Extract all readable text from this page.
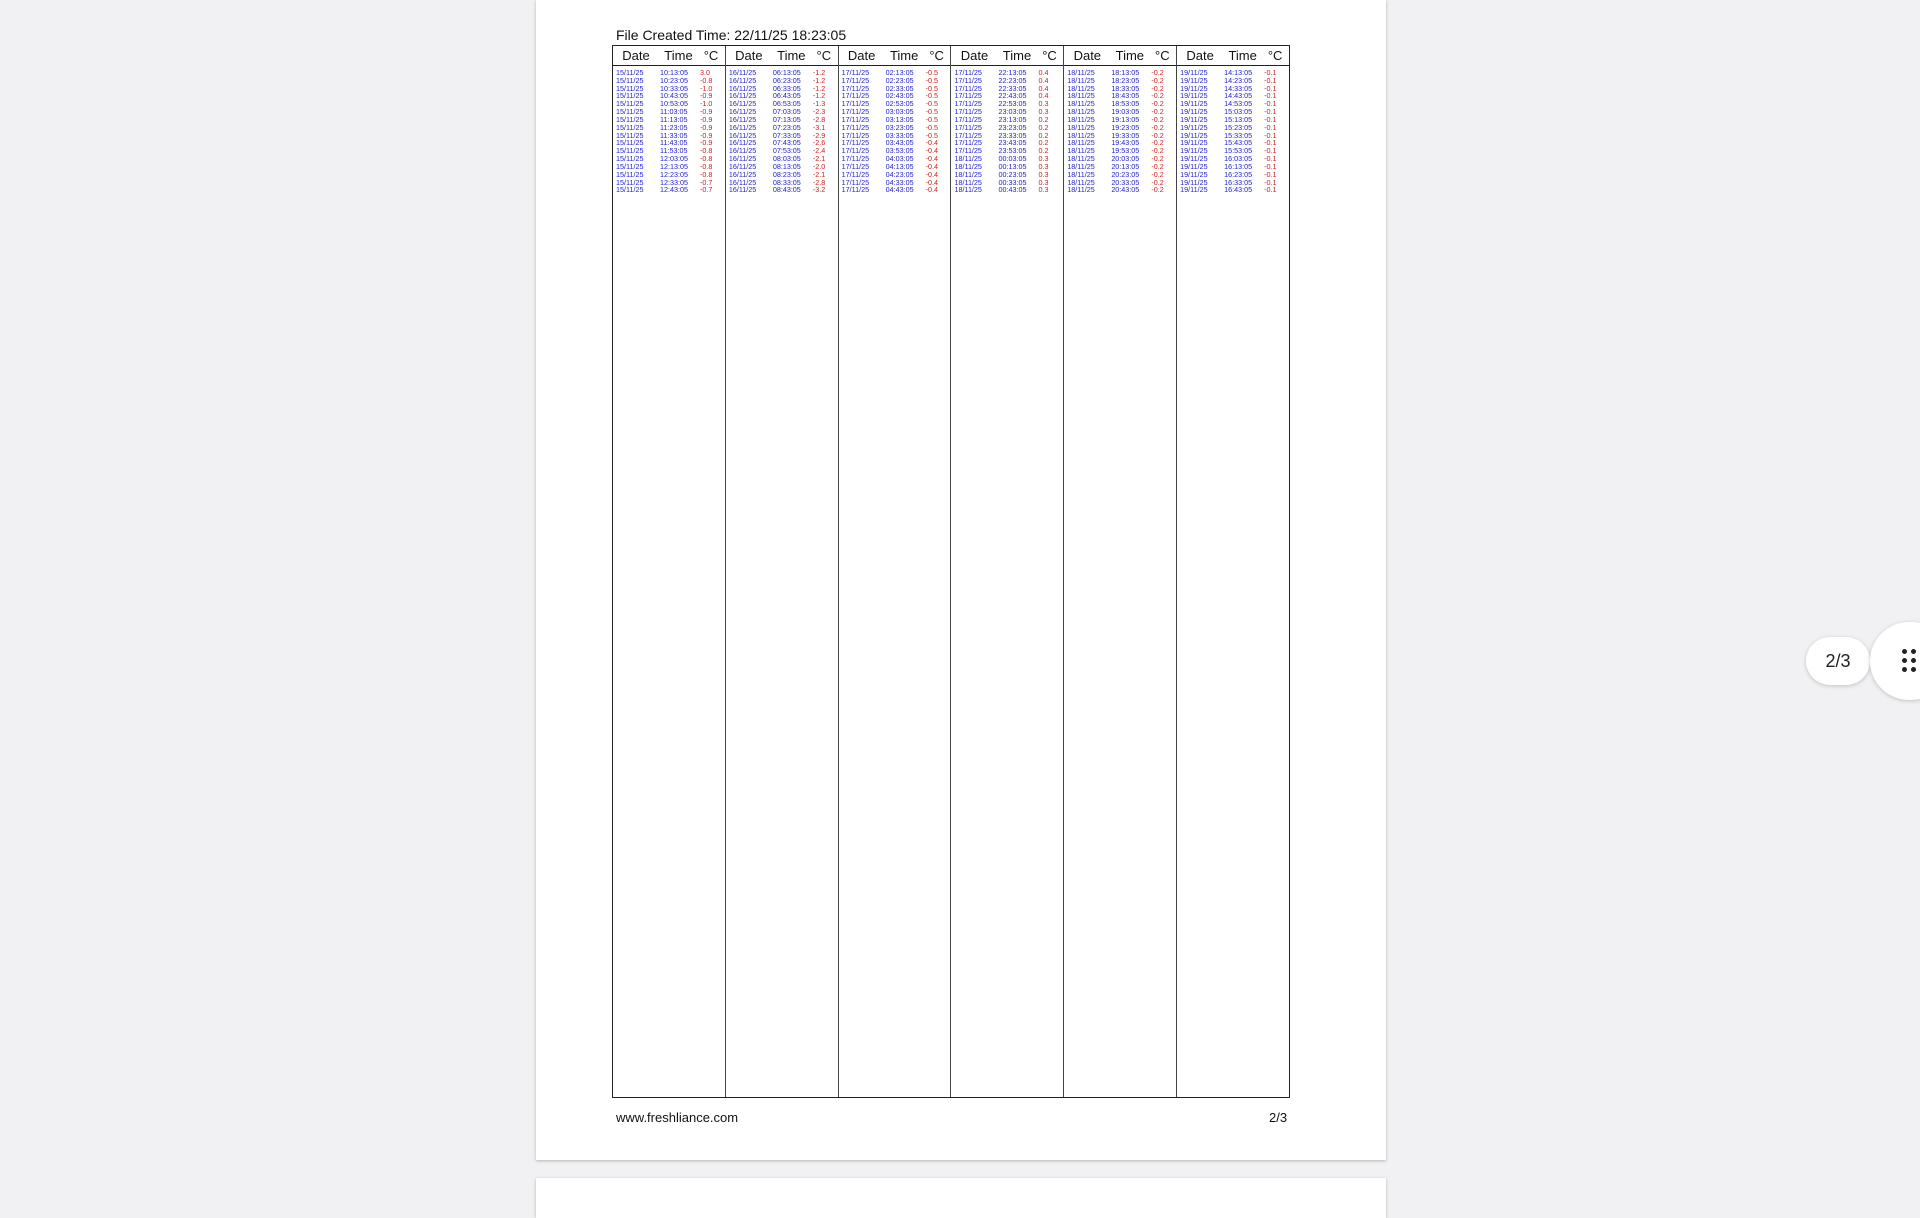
File Created Time: 22/11/25 18:23:05
Date	Time °C
15/11/25	10:13:05	3.0
15/11/25	10:23:05	-0.8
15/11/25	10:33:05	-1.0
15/11/25	10:43:05	-0.9
15/11/25	10:53:05	-1.0
15/11/25	11:03:05	-0.9
15/11/25	11:13:05	-0.9
15/11/25	11:23:05	-0.9
15/11/25	11:33:05	-0.9
15/11/25	11:43:05	-0.9
15/11/25	11:53:05	-0.8
15/11/25	12:03:05	-0.8
15/11/25	12:13:05	-0.8
15/11/25	12:23:05	-0.8
15/11/25	12:33:05	-0.7
15/11/25	12:43:05	-0.7
Date	Time °C
16/11/25	06:13:05	-1.2
16/11/25	06:23:05	-1.2
16/11/25	06:33:05	-1.2
16/11/25	06:43:05	-1.2
16/11/25	06:53:05	-1.3
16/11/25	07:03:05	-2.3
16/11/25	07:13:05	-2.8
16/11/25	07:23:05	-3.1
16/11/25	07:33:05	-2.9
16/11/25	07:43:05	-2.6
16/11/25	07:53:05	-2.4
16/11/25	08:03:05	-2.1
16/11/25	08:13:05	-2.0
16/11/25	08:23:05	-2.1
16/11/25	08:33:05	-2.8
16/11/25	08:43:05	-3.2
Date	Time °C
17/11/25	02:13:05	-0.5
17/11/25	02:23:05	-0.5
17/11/25	02:33:05	-0.5
17/11/25	02:43:05	-0.5
17/11/25	02:53:05	-0.5
17/11/25	03:03:05	-0.5
17/11/25	03:13:05	-0.5
17/11/25	03:23:05	-0.5
17/11/25	03:33:05	-0.5
17/11/25	03:43:05	-0.4
17/11/25	03:53:05	-0.4
17/11/25	04:03:05	-0.4
17/11/25	04:13:05	-0.4
17/11/25	04:23:05	-0.4
17/11/25	04:33:05	-0.4
17/11/25	04:43:05	-0.4
Date	Time °C
17/11/25	22:13:05	0.4
17/11/25	22:23:05	0.4
17/11/25	22:33:05	0.4
17/11/25	22:43:05	0.4
17/11/25	22:53:05	0.3
17/11/25	23:03:05	0.3
17/11/25	23:13:05	0.2
17/11/25	23:23:05	0.2
17/11/25	23:33:05	0.2
17/11/25	23:43:05	0.2
17/11/25	23:53:05	0.2
18/11/25	00:03:05	0.3
18/11/25	00:13:05	0.3
18/11/25	00:23:05	0.3
18/11/25	00:33:05	0.3
18/11/25	00:43:05	0.3
Date	Time °C
18/11/25	18:13:05	-0.2
18/11/25	18:23:05	-0.2
18/11/25	18:33:05	-0.2
18/11/25	18:43:05	-0.2
18/11/25	18:53:05	-0.2
18/11/25	19:03:05	-0.2
18/11/25	19:13:05	-0.2
18/11/25	19:23:05	-0.2
18/11/25	19:33:05	-0.2
18/11/25	19:43:05	-0.2
18/11/25	19:53:05	-0.2
18/11/25	20:03:05	-0.2
18/11/25	20:13:05	-0.2
18/11/25	20:23:05	-0.2
18/11/25	20:33:05	-0.2
18/11/25	20:43:05	-0.2
Date	Time °C
19/11/25	14:13:05	-0.1
19/11/25	14:23:05	-0.1
19/11/25	14:33:05	-0.1
19/11/25	14:43:05	-0.1
19/11/25	14:53:05	-0.1
19/11/25	15:03:05	-0.1
19/11/25	15:13:05	-0.1
19/11/25	15:23:05	-0.1
19/11/25	15:33:05	-0.1
19/11/25	15:43:05	-0.1
19/11/25	15:53:05	-0.1
19/11/25	16:03:05	-0.1
19/11/25	16:13:05	-0.1
19/11/25	16:23:05	-0.1
19/11/25	16:33:05	-0.1
19/11/25	16:43:05	-0.1
www.freshliance.com	2/3
2/3
